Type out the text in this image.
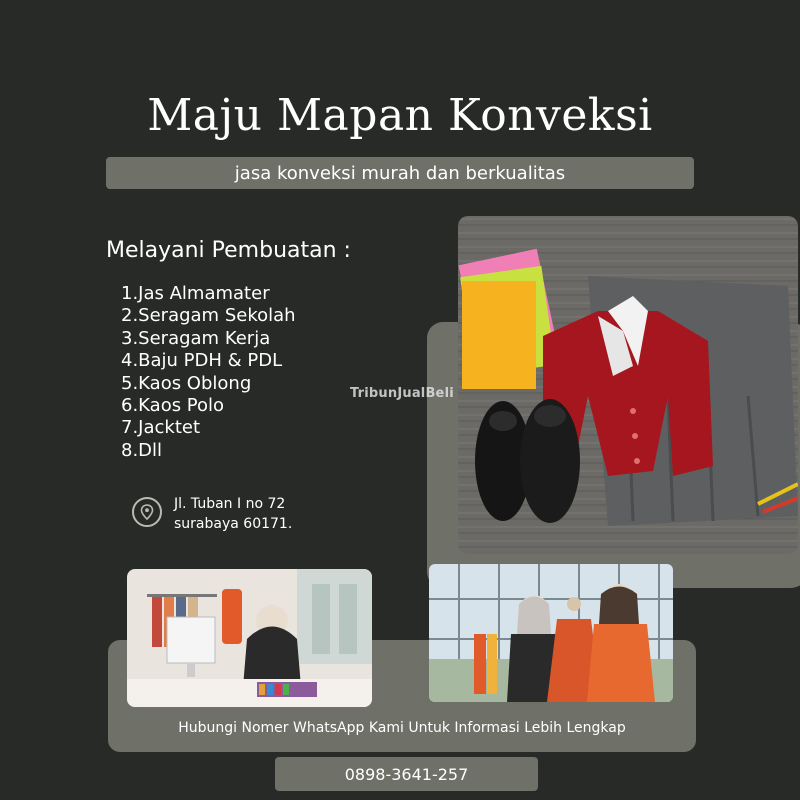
Maju Mapan Konveksi
jasa konveksi murah dan berkualitas
Melayani Pembuatan :
1.Jas Almamater
2.Seragam Sekolah
3.Seragam Kerja
4.Baju PDH & PDL
5.Kaos Oblong
6.Kaos Polo
7.Jacktet
8.Dll
Jl. Tuban I no 72
surabaya 60171.
TribunJualBeli
Hubungi Nomer WhatsApp Kami Untuk Informasi Lebih Lengkap
0898-3641-257
